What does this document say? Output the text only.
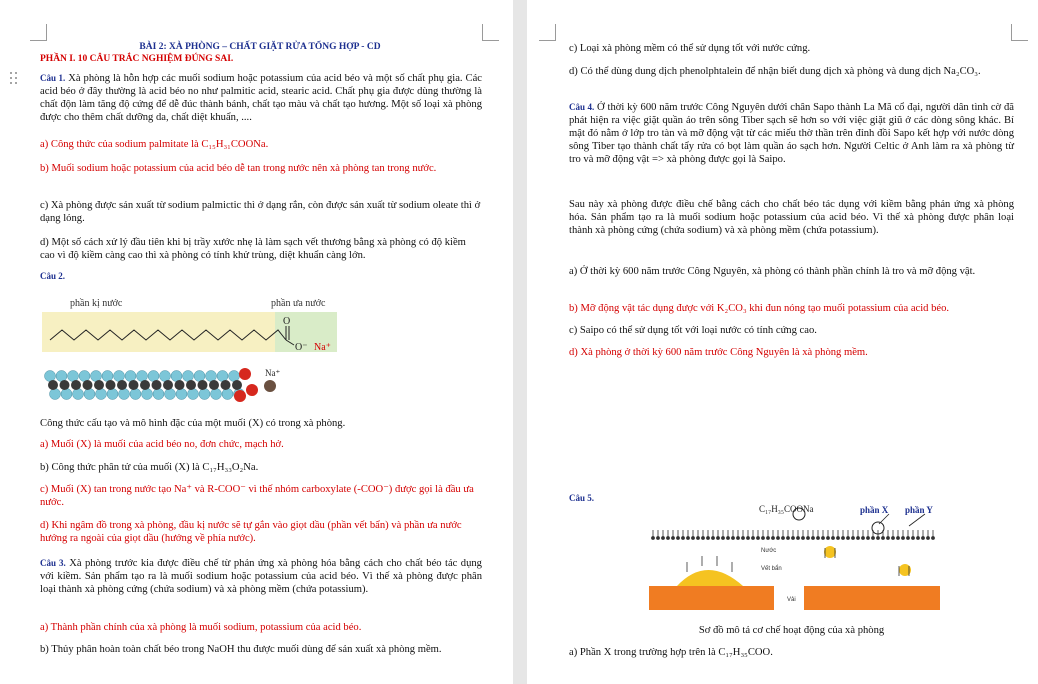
BÀI 2: XÀ PHÒNG – CHẤT GIẶT RỬA TỔNG HỢP - CD
PHẦN I. 10 CÂU TRẮC NGHIỆM ĐÚNG SAI.
Câu 1. Xà phòng là hỗn hợp các muối sodium hoặc potassium của acid béo và một số chất phụ gia. Các acid béo ở đây thường là acid béo no như palmitic acid, stearic acid. Chất phụ gia được dùng thường là chất độn làm tăng độ cứng để dễ đúc thành bánh, chất tạo màu và chất tạo hương. Một số loại xà phòng được cho thêm chất dưỡng da, chất diệt khuẩn, ....
a) Công thức của sodium palmitate là C₁₅H₃₁COONa.
b) Muối sodium hoặc potassium của acid béo dễ tan trong nước nên xà phòng tan trong nước.
c) Xà phòng được sản xuất từ sodium palmictic thì ở dạng rắn, còn được sản xuất từ sodium oleate thì ở dạng lỏng.
d) Một số cách xử lý đầu tiên khi bị trầy xước nhẹ là làm sạch vết thương bằng xà phòng có độ kiềm cao vì độ kiềm càng cao thì xà phòng có tính khử trùng, diệt khuẩn càng lớn.
Câu 2.
phần kị nước	phần ưa nước
O
O⁻ Na⁺
Na⁺
Công thức cấu tạo và mô hình đặc của một muối (X) có trong xà phòng.
a) Muối (X) là muối của acid béo no, đơn chức, mạch hở.
b) Công thức phân tử của muối (X) là C₁₇H₃₃O₂Na.
c) Muối (X) tan trong nước tạo Na⁺ và R-COO⁻ vì thế nhóm carboxylate (-COO⁻) được gọi là đầu ưa nước.
d) Khi ngâm đồ trong xà phòng, đầu kị nước sẽ tự gắn vào giọt dầu (phần vết bẩn) và phần ưa nước hướng ra ngoài của giọt dầu (hướng về phía nước).
Câu 3. Xà phòng trước kia được điều chế từ phản ứng xà phòng hóa bằng cách cho chất béo tác dụng với kiềm. Sản phẩm tạo ra là muối sodium hoặc potassium của acid béo. Vì thế xà phòng được phân loại thành xà phòng cứng (chứa sodium) và xà phòng mềm (chứa potassium).
a) Thành phần chính của xà phòng là muối sodium, potassium của acid béo.
b) Thủy phân hoàn toàn chất béo trong NaOH thu được muối dùng để sản xuất xà phòng mềm.
c) Loại xà phòng mềm có thể sử dụng tốt với nước cứng.
d) Có thể dùng dung dịch phenolphtalein để nhận biết dung dịch xà phòng và dung dịch Na₂CO₃.
Câu 4. Ở thời kỳ 600 năm trước Công Nguyên dưới chân Sapo thành La Mã cổ đại, người dân tình cờ đã phát hiện ra việc giặt quần áo trên sông Tiber sạch sẽ hơn so với việc giặt giũ ở các dòng sông khác. Bí mật đó nằm ở lớp tro tàn và mỡ động vật từ các miếu thờ thần trên đỉnh đồi Sapo kết hợp với nước dòng sông Tiber tạo thành chất tẩy rửa có bọt làm quần áo sạch hơn. Người Celtic ở Anh làm ra xà phòng từ tro và mỡ động vật => xà phòng được gọi là Saipo.
Sau này xà phòng được điều chế bằng cách cho chất béo tác dụng với kiềm bằng phản ứng xà phòng hóa. Sản phẩm tạo ra là muối sodium hoặc potassium của acid béo. Vì thế xà phòng được phân loại thành xà phòng cứng (chứa sodium) và xà phòng mềm (chứa potassium).
a) Ở thời kỳ 600 năm trước Công Nguyên, xà phòng có thành phần chính là tro và mỡ động vật.
b) Mỡ động vật tác dụng được với K₂CO₃ khi đun nóng tạo muối potassium của acid béo.
c) Saipo có thể sử dụng tốt với loại nước có tính cứng cao.
d) Xà phòng ở thời kỳ 600 năm trước Công Nguyên là xà phòng mềm.
Câu 5.
C₁₇H₃₅COONa	phần X phần Y
Nước
Vết bẩn
Vải
Sơ đồ mô tả cơ chế hoạt động của xà phòng
a) Phần X trong trường hợp trên là C₁₇H₃₅COO.
